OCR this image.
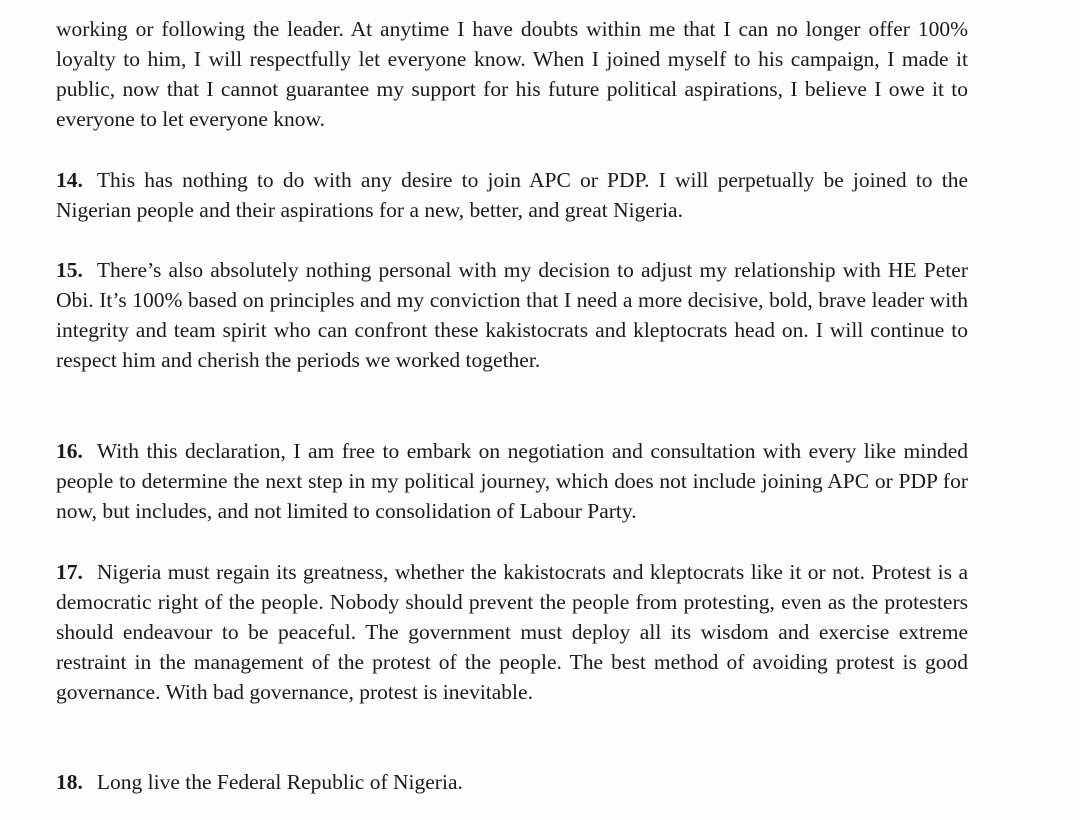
working or following the leader. At anytime I have doubts within me that I can no longer offer 100% loyalty to him, I will respectfully let everyone know. When I joined myself to his campaign, I made it public, now that I cannot guarantee my support for his future political aspirations, I believe I owe it to everyone to let everyone know.

14. This has nothing to do with any desire to join APC or PDP. I will perpetually be joined to the Nigerian people and their aspirations for a new, better, and great Nigeria.

15. There’s also absolutely nothing personal with my decision to adjust my relationship with HE Peter Obi. It’s 100% based on principles and my conviction that I need a more decisive, bold, brave leader with integrity and team spirit who can confront these kakistocrats and kleptocrats head on. I will continue to respect him and cherish the periods we worked together.

16. With this declaration, I am free to embark on negotiation and consultation with every like minded people to determine the next step in my political journey, which does not include joining APC or PDP for now, but includes, and not limited to consolidation of Labour Party.

17. Nigeria must regain its greatness, whether the kakistocrats and kleptocrats like it or not. Protest is a democratic right of the people. Nobody should prevent the people from protesting, even as the protesters should endeavour to be peaceful. The government must deploy all its wisdom and exercise extreme restraint in the management of the protest of the people. The best method of avoiding protest is good governance. With bad governance, protest is inevitable.

18. Long live the Federal Republic of Nigeria.
